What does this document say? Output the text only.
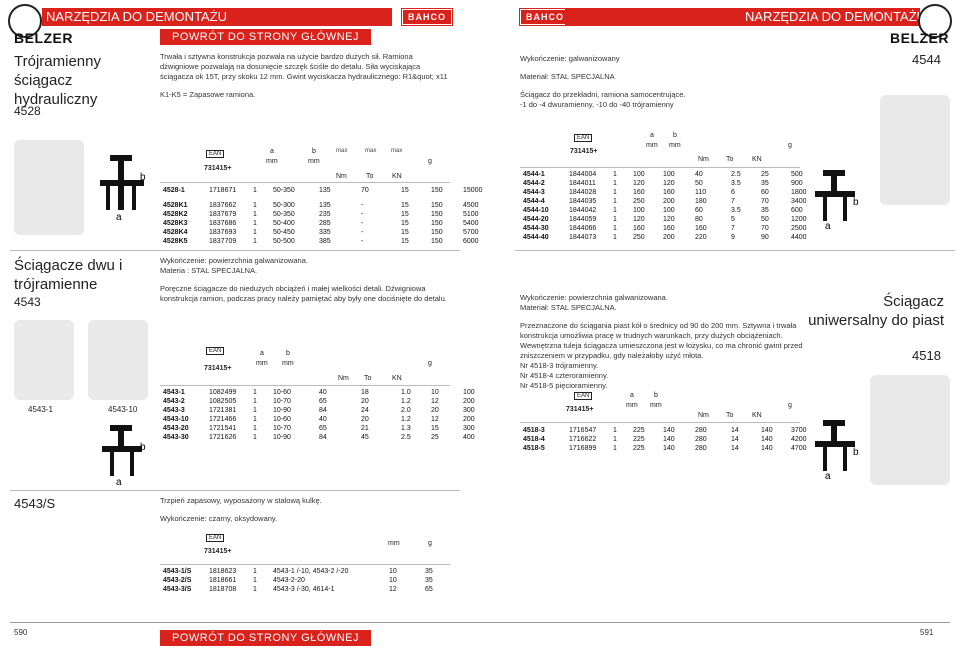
NARZĘDZIA DO DEMONTAŻU	BAHCO
BELZER	POWRÓT DO STRONY GŁÓWNEJ
BAHCO	NARZĘDZIA DO DEMONTAŻU
BELZER
Trójramienny
ściągacz
hydrauliczny
4528
Trwała i sztywna konstrukcja pozwala na użycie bardzo dużych sił. Ramiona
dźwigniowe pozwalają na dosunięcie szczęk ściśle do detalu. Siła wyciskająca
ściągacza ok 15T, przy skoku 12 mm. Gwint wyciskacza hydraulicznego: R1&quot; x11
K1-K5 = Zapasowe ramiona.
b
a
EAN
731415+
a
mm
b
mm
max	max max
Nm	To	KN
g
4528-1	1718671	1	50-350	135	70	15	150	15000

4528K1	1837662	1	50-300	135	-	15	150	4500
4528K2	1837679	1	50-350	235	-	15	150	5100
4528K3	1837686	1	50-400	285	-	15	150	5400
4528K4	1837693	1	50-450	335	-	15	150	5700
4528K5	1837709	1	50-500	385	-	15	150	6000
Ściągacze dwu i
trójramienne
4543
Wykończenie: powierzchnia galwanizowana.
Materia : STAL SPECJALNA.
Poręczne ściągacze do niedużych obciążeń i małej wielkości detali. Dźwigniowa
konstrukcja ramion, podczas pracy należy pamiętać aby były one dociśnięte do detalu.
4543-1	4543-10
b
a
EAN
731415+
a
mm
b
mm
Nm To	KN
g
4543-1	1082499	1	10-60	40	18	1.0	10	100
4543-2	1082505	1	10-70	65	20	1.2	12	200
4543-3	1721381	1	10-90	84	24	2.0	20	300
4543-10	1721466	1	10-60	40	20	1.2	12	200
4543-20	1721541	1	10-70	65	21	1.3	15	300
4543-30	1721626	1	10-90	84	45	2.5	25	400
4543/S	Trzpień zapasowy, wyposażony w stalową kulkę.
Wykończenie: czarny, oksydowany.
EAN
731415+
mm	g
4543-1/S	1818623	1	4543-1 /-10, 4543-2 /-20	10	35
4543-2/S	1818661	1	4543-2-20	10	35
4543-3/S	1818708	1	4543-3 /-30, 4614-1	12	65
Wykończenie: galwanizowany
Materiał: STAL SPECJALNA
Ściągacz do przekładni, ramiona samocentrujące.
-1 do -4 dwuramienny, -10 do -40 trójramienny
4544
EAN
731415+
a
mm
b
mm
Nm To	KN
g
4544-1	1844004	1	100	100	40	2.5	25	500
4544-2	1844011	1	120	120	50	3.5	35	900
4544-3	1844028	1	160	160	110	6	60	1800
4544-4	1844035	1	250	200	180	7	70	3400
4544-10	1844042	1	100	100	60	3.5	35	600
4544-20	1844059	1	120	120	80	5	50	1200
4544-30	1844066	1	160	160	160	7	70	2500
4544-40	1844073	1	250	200	220	9	90	4400
b
a
Wykończenie: powierzchnia galwanizowana.
Materiał: STAL SPECJALNA.
Przeznaczone do ściągania piast kół o średnicy od 90 do 200 mm. Sztywna i trwała
konstrukcja umożliwia pracę w trudnych warunkach, przy dużych obciążeniach.
Wewnętrzna tuleja ściągacza umieszczona jest w łożysku, co ma chronić gwint przed
zniszczeniem w przypadku, gdy należałoby użyć młota.
Nr 4518-3 trójramienny.
Nr 4518-4 czteroramienny.
Nr 4518-5 pięcioramienny.
Ściągacz
uniwersalny do piast
4518
EAN
731415+
a
mm
b
mm
Nm To	KN
g
4518-3	1716547	1	225	140	280	14	140	3700
4518-4	1716622	1	225	140	280	14	140	4200
4518-5	1716899	1	225	140	280	14	140	4700	b
a
590	POWRÓT DO STRONY GŁÓWNEJ	591
